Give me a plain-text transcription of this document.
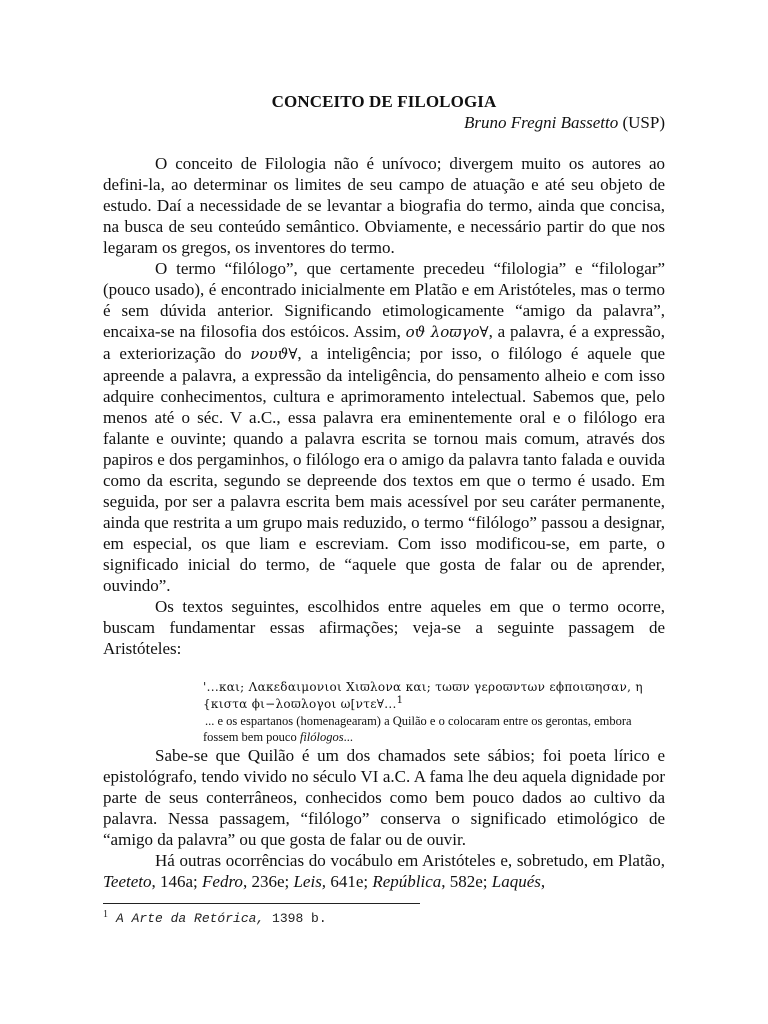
CONCEITO DE FILOLOGIA
Bruno Fregni Bassetto (USP)

O conceito de Filologia não é unívoco; divergem muito os autores ao defini-la, ao determinar os limites de seu campo de atuação e até seu objeto de estudo. Daí a necessidade de se levantar a biografia do termo, ainda que concisa, na busca de seu conteúdo semântico. Obviamente, e necessário partir do que nos legaram os gregos, os inventores do termo.

O termo “filólogo”, que certamente precedeu “filologia” e “filologar” (pouco usado), é encontrado inicialmente em Platão e em Aristóteles, mas o termo é sem dúvida anterior. Significando etimologicamente “amigo da palavra”, encaixa-se na filosofia dos estóicos. Assim, οϑ λοϖγο∀, a palavra, é a expressão, a exteriorização do νουϑ∀, a inteligência; por isso, o filólogo é aquele que apreende a palavra, a expressão da inteligência, do pensamento alheio e com isso adquire conhecimentos, cultura e aprimoramento intelectual. Sabemos que, pelo menos até o séc. V a.C., essa palavra era eminentemente oral e o filólogo era falante e ouvinte; quando a palavra escrita se tornou mais comum, através dos papiros e dos pergaminhos, o filólogo era o amigo da palavra tanto falada e ouvida como da escrita, segundo se depreende dos textos em que o termo é usado. Em seguida, por ser a palavra escrita bem mais acessível por seu caráter permanente, ainda que restrita a um grupo mais reduzido, o termo “filólogo” passou a designar, em especial, os que liam e escreviam. Com isso modificou-se, em parte, o significado inicial do termo, de “aquele que gosta de falar ou de aprender, ouvindo”.

Os textos seguintes, escolhidos entre aqueles em que o termo ocorre, buscam fundamentar essas afirmações; veja-se a seguinte passagem de Aristóteles:

'...και; Λακεδαιμονιοι Χιϖλονα και; τωϖν γεροϖντων εϕποιϖησαν, η
{κιστα ϕι−λοϖλογοι ω[ντε∀...$^1$
... e os espartanos (homenagearam) a Quilão e o colocaram entre os gerontas, embora fossem bem pouco filólogos...

Sabe-se que Quilão é um dos chamados sete sábios; foi poeta lírico e epistológrafo, tendo vivido no século VI a.C. A fama lhe deu aquela dignidade por parte de seus conterrâneos, conhecidos como bem pouco dados ao cultivo da palavra. Nessa passagem, “filólogo” conserva o significado etimológico de “amigo da palavra” ou que gosta de falar ou de ouvir.

Há outras ocorrências do vocábulo em Aristóteles e, sobretudo, em Platão, Teeteto, 146a; Fedro, 236e; Leis, 641e; República, 582e; Laqués,

$^1$ A Arte da Retórica, 1398 b.
